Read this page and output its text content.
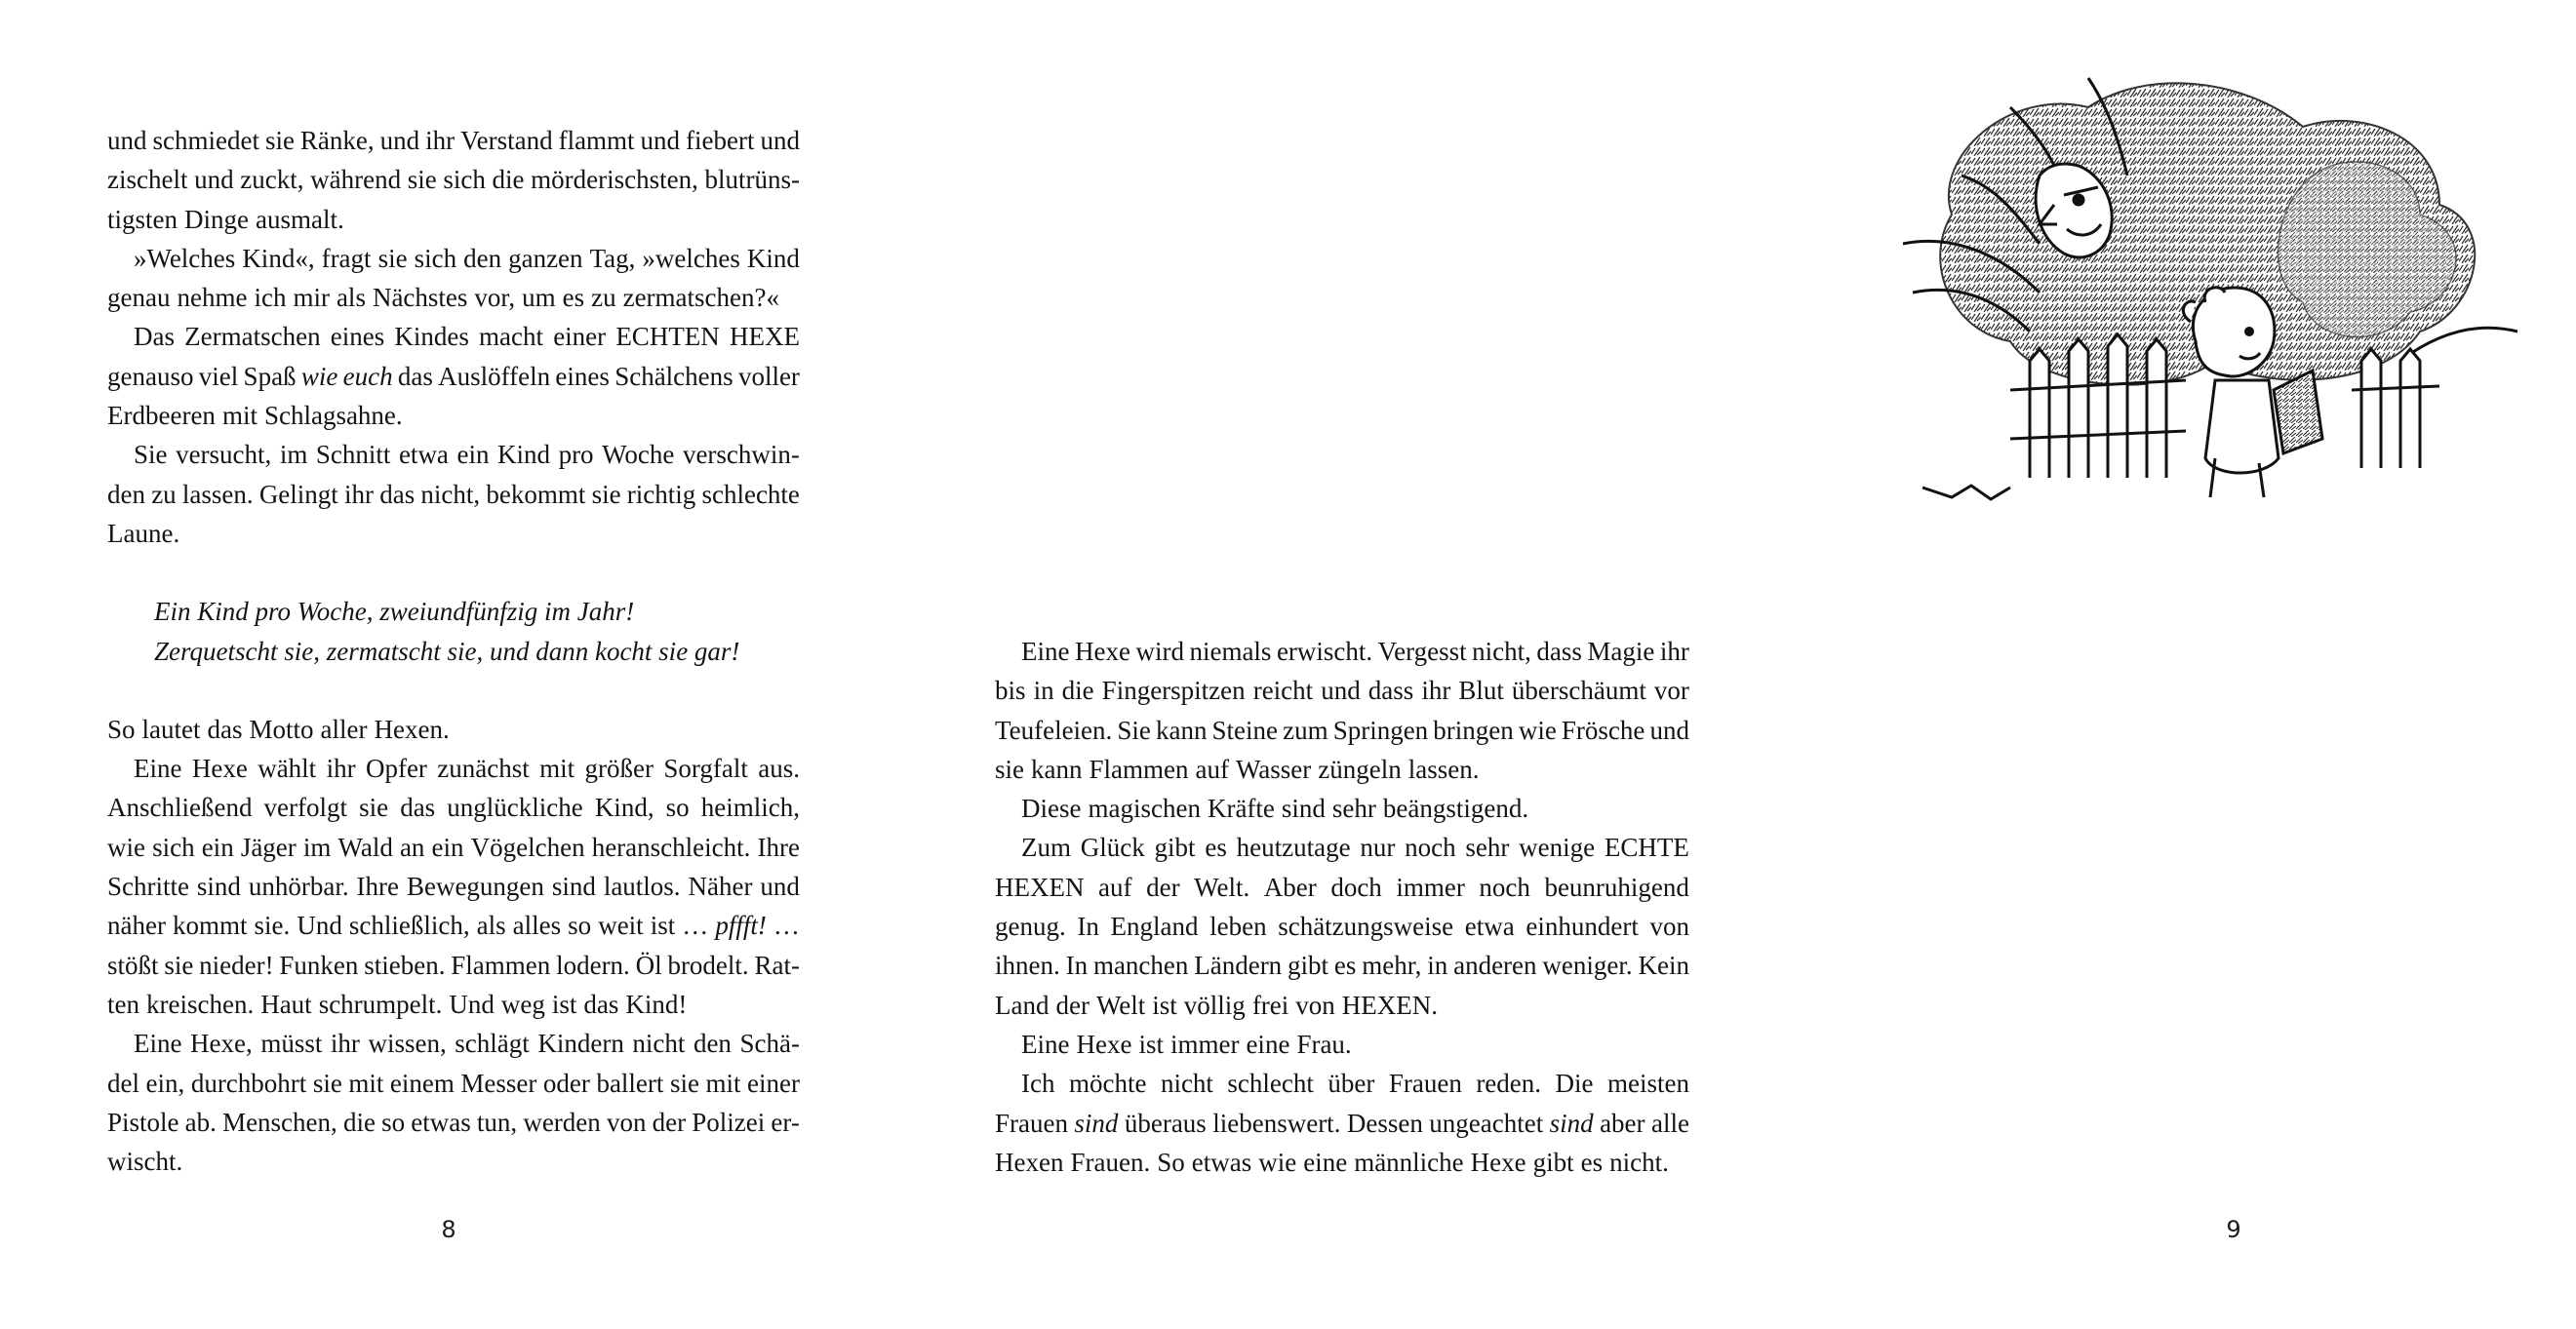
und schmiedet sie Ränke, und ihr Verstand flammt und fiebert und
zischelt und zuckt, während sie sich die mörderischsten, blutrüns-
tigsten Dinge ausmalt.
»Welches Kind«, fragt sie sich den ganzen Tag, »welches Kind
genau nehme ich mir als Nächstes vor, um es zu zermatschen?«
Das Zermatschen eines Kindes macht einer ECHTEN HEXE
genauso viel Spaß wie euch das Auslöffeln eines Schälchens voller
Erdbeeren mit Schlagsahne.
Sie versucht, im Schnitt etwa ein Kind pro Woche verschwin-
den zu lassen. Gelingt ihr das nicht, bekommt sie richtig schlechte
Laune.
Ein Kind pro Woche, zweiundfünfzig im Jahr!
Zerquetscht sie, zermatscht sie, und dann kocht sie gar!
So lautet das Motto aller Hexen.
Eine Hexe wählt ihr Opfer zunächst mit größer Sorgfalt aus.
Anschließend verfolgt sie das unglückliche Kind, so heimlich,
wie sich ein Jäger im Wald an ein Vögelchen heranschleicht. Ihre
Schritte sind unhörbar. Ihre Bewegungen sind lautlos. Näher und
näher kommt sie. Und schließlich, als alles so weit ist … pffft! …
stößt sie nieder! Funken stieben. Flammen lodern. Öl brodelt. Rat-
ten kreischen. Haut schrumpelt. Und weg ist das Kind!
Eine Hexe, müsst ihr wissen, schlägt Kindern nicht den Schä-
del ein, durchbohrt sie mit einem Messer oder ballert sie mit einer
Pistole ab. Menschen, die so etwas tun, werden von der Polizei er-
wischt.
8
Eine Hexe wird niemals erwischt. Vergesst nicht, dass Magie ihr
bis in die Fingerspitzen reicht und dass ihr Blut überschäumt vor
Teufeleien. Sie kann Steine zum Springen bringen wie Frösche und
sie kann Flammen auf Wasser züngeln lassen.
Diese magischen Kräfte sind sehr beängstigend.
Zum Glück gibt es heutzutage nur noch sehr wenige ECHTE
HEXEN auf der Welt. Aber doch immer noch beunruhigend
genug. In England leben schätzungsweise etwa einhundert von
ihnen. In manchen Ländern gibt es mehr, in anderen weniger. Kein
Land der Welt ist völlig frei von HEXEN.
Eine Hexe ist immer eine Frau.
Ich möchte nicht schlecht über Frauen reden. Die meisten
Frauen sind überaus liebenswert. Dessen ungeachtet sind aber alle
Hexen Frauen. So etwas wie eine männliche Hexe gibt es nicht.
9
